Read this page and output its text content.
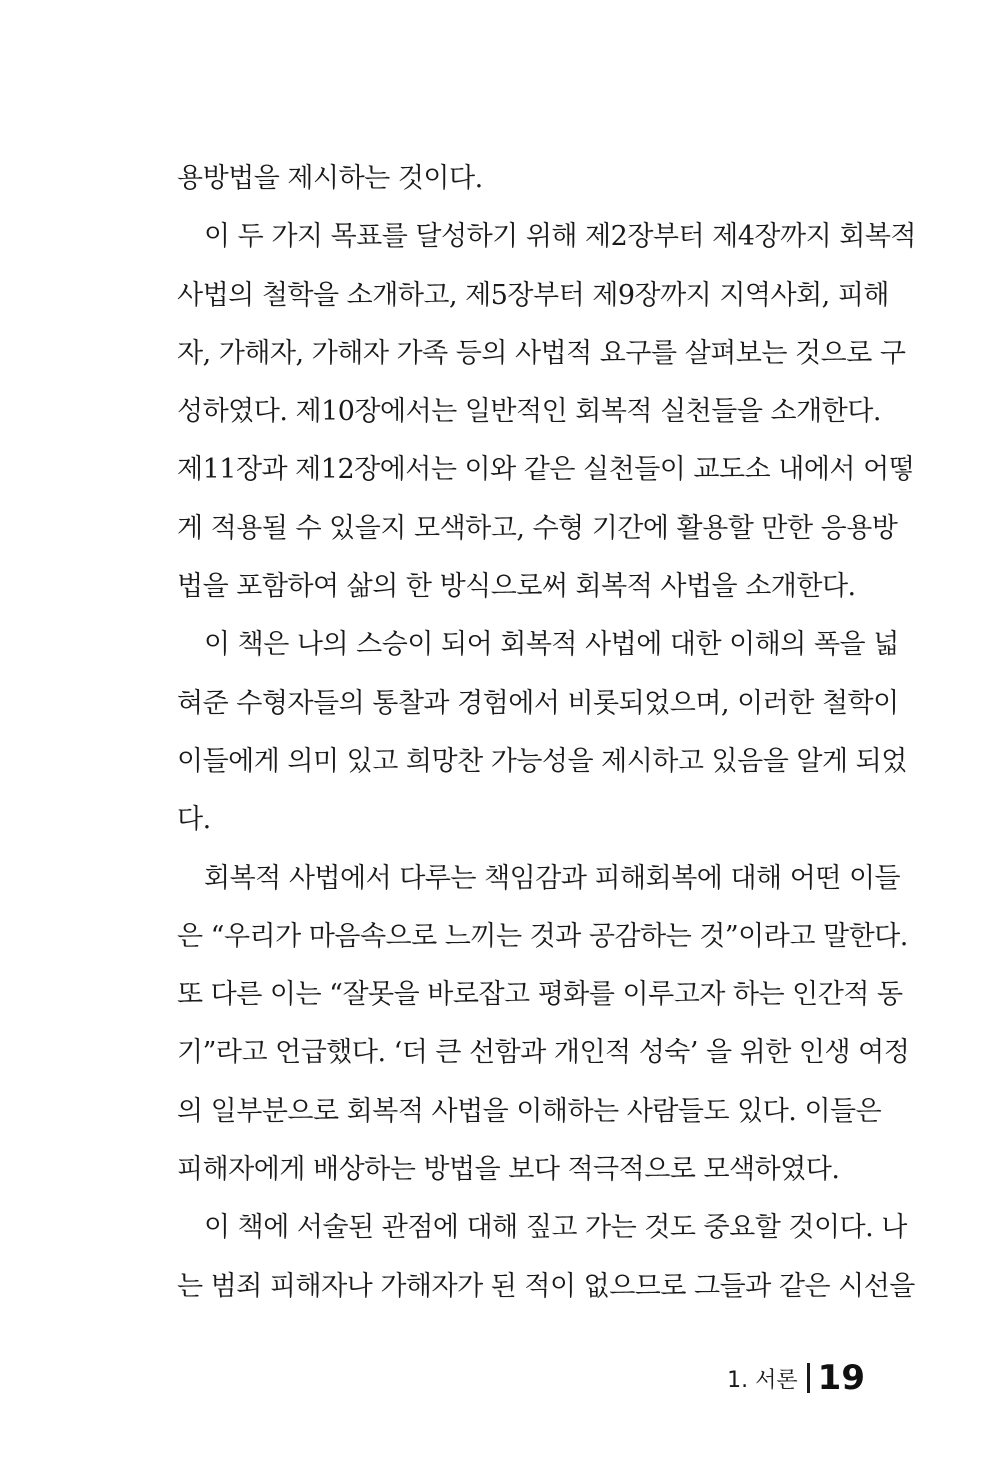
용방법을 제시하는 것이다.
이 두 가지 목표를 달성하기 위해 제2장부터 제4장까지 회복적
사법의 철학을 소개하고, 제5장부터 제9장까지 지역사회, 피해
자, 가해자, 가해자 가족 등의 사법적 요구를 살펴보는 것으로 구
성하였다. 제10장에서는 일반적인 회복적 실천들을 소개한다.
제11장과 제12장에서는 이와 같은 실천들이 교도소 내에서 어떻
게 적용될 수 있을지 모색하고, 수형 기간에 활용할 만한 응용방
법을 포함하여 삶의 한 방식으로써 회복적 사법을 소개한다.
이 책은 나의 스승이 되어 회복적 사법에 대한 이해의 폭을 넓
혀준 수형자들의 통찰과 경험에서 비롯되었으며, 이러한 철학이
이들에게 의미 있고 희망찬 가능성을 제시하고 있음을 알게 되었
다.
회복적 사법에서 다루는 책임감과 피해회복에 대해 어떤 이들
은 “우리가 마음속으로 느끼는 것과 공감하는 것”이라고 말한다.
또 다른 이는 “잘못을 바로잡고 평화를 이루고자 하는 인간적 동
기”라고 언급했다. ‘더 큰 선함과 개인적 성숙’ 을 위한 인생 여정
의 일부분으로 회복적 사법을 이해하는 사람들도 있다. 이들은
피해자에게 배상하는 방법을 보다 적극적으로 모색하였다.
이 책에 서술된 관점에 대해 짚고 가는 것도 중요할 것이다. 나
는 범죄 피해자나 가해자가 된 적이 없으므로 그들과 같은 시선을
1. 서론 19
